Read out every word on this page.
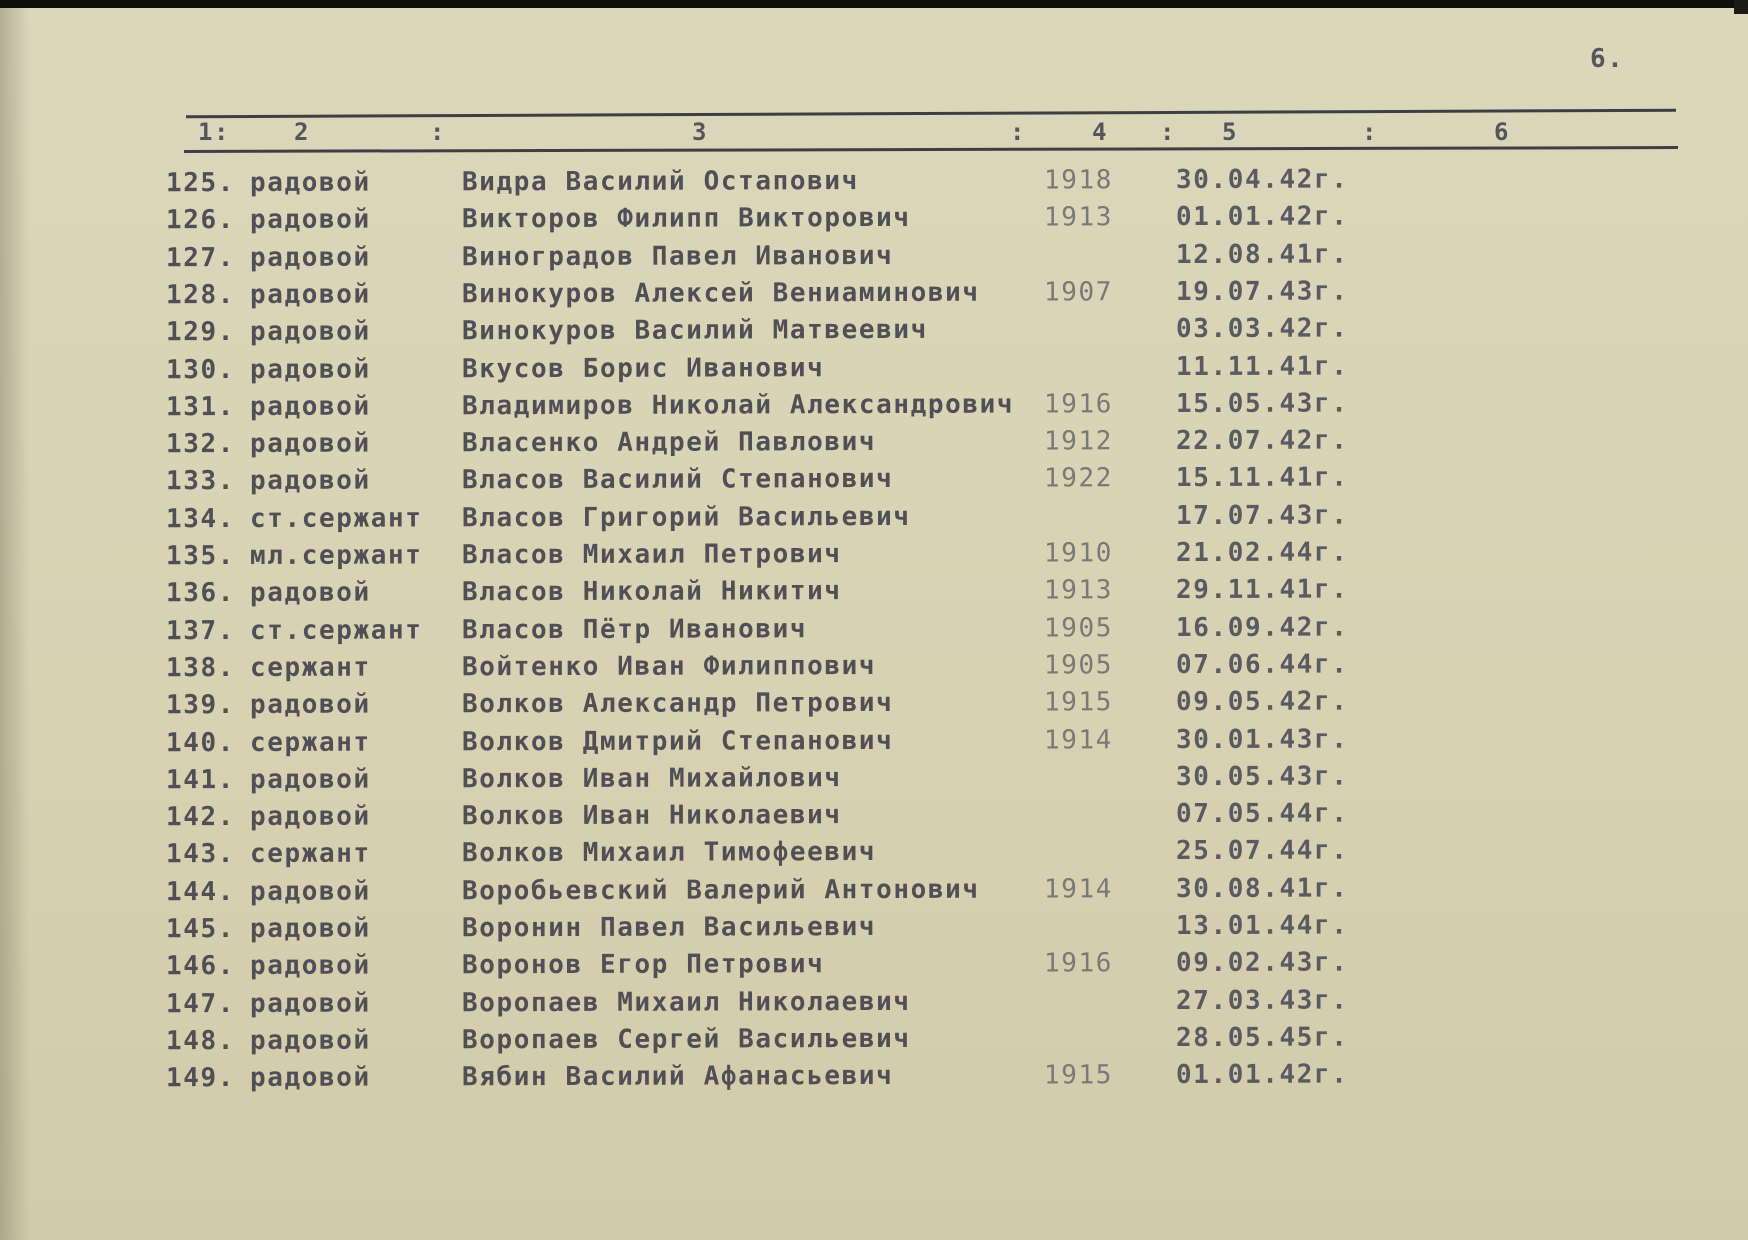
6.
1:	2	:	3	:	4 : 5	:	6
125. радовой	Видра Василий Остапович	1918 30.04.42г.
126. радовой	Викторов Филипп Викторович	1913 01.01.42г.
127. радовой	Виноградов Павел Иванович	12.08.41г.
128. радовой	Винокуров Алексей Вениаминович 1907 19.07.43г.
129. радовой	Винокуров Василий Матвеевич	03.03.42г.
130. радовой	Вкусов Борис Иванович	11.11.41г.
131. радовой	Владимиров Николай Александрович 1916 15.05.43г.
132. радовой	Власенко Андрей Павлович	1912 22.07.42г.
133. радовой	Власов Василий Степанович	1922 15.11.41г.
134. ст.сержант Власов Григорий Васильевич	17.07.43г.
135. мл.сержант Власов Михаил Петрович	1910 21.02.44г.
136. радовой	Власов Николай Никитич	1913 29.11.41г.
137. ст.сержант Власов Пётр Иванович	1905 16.09.42г.
138. сержант	Войтенко Иван Филиппович	1905 07.06.44г.
139. радовой	Волков Александр Петрович	1915 09.05.42г.
140. сержант	Волков Дмитрий Степанович	1914 30.01.43г.
141. радовой	Волков Иван Михайлович	30.05.43г.
142. радовой	Волков Иван Николаевич	07.05.44г.
143. сержант	Волков Михаил Тимофеевич	25.07.44г.
144. радовой	Воробьевский Валерий Антонович 1914 30.08.41г.
145. радовой	Воронин Павел Васильевич	13.01.44г.
146. радовой	Воронов Егор Петрович	1916 09.02.43г.
147. радовой	Воропаев Михаил Николаевич	27.03.43г.
148. радовой	Воропаев Сергей Васильевич	28.05.45г.
149. радовой	Вябин Василий Афанасьевич	1915 01.01.42г.
